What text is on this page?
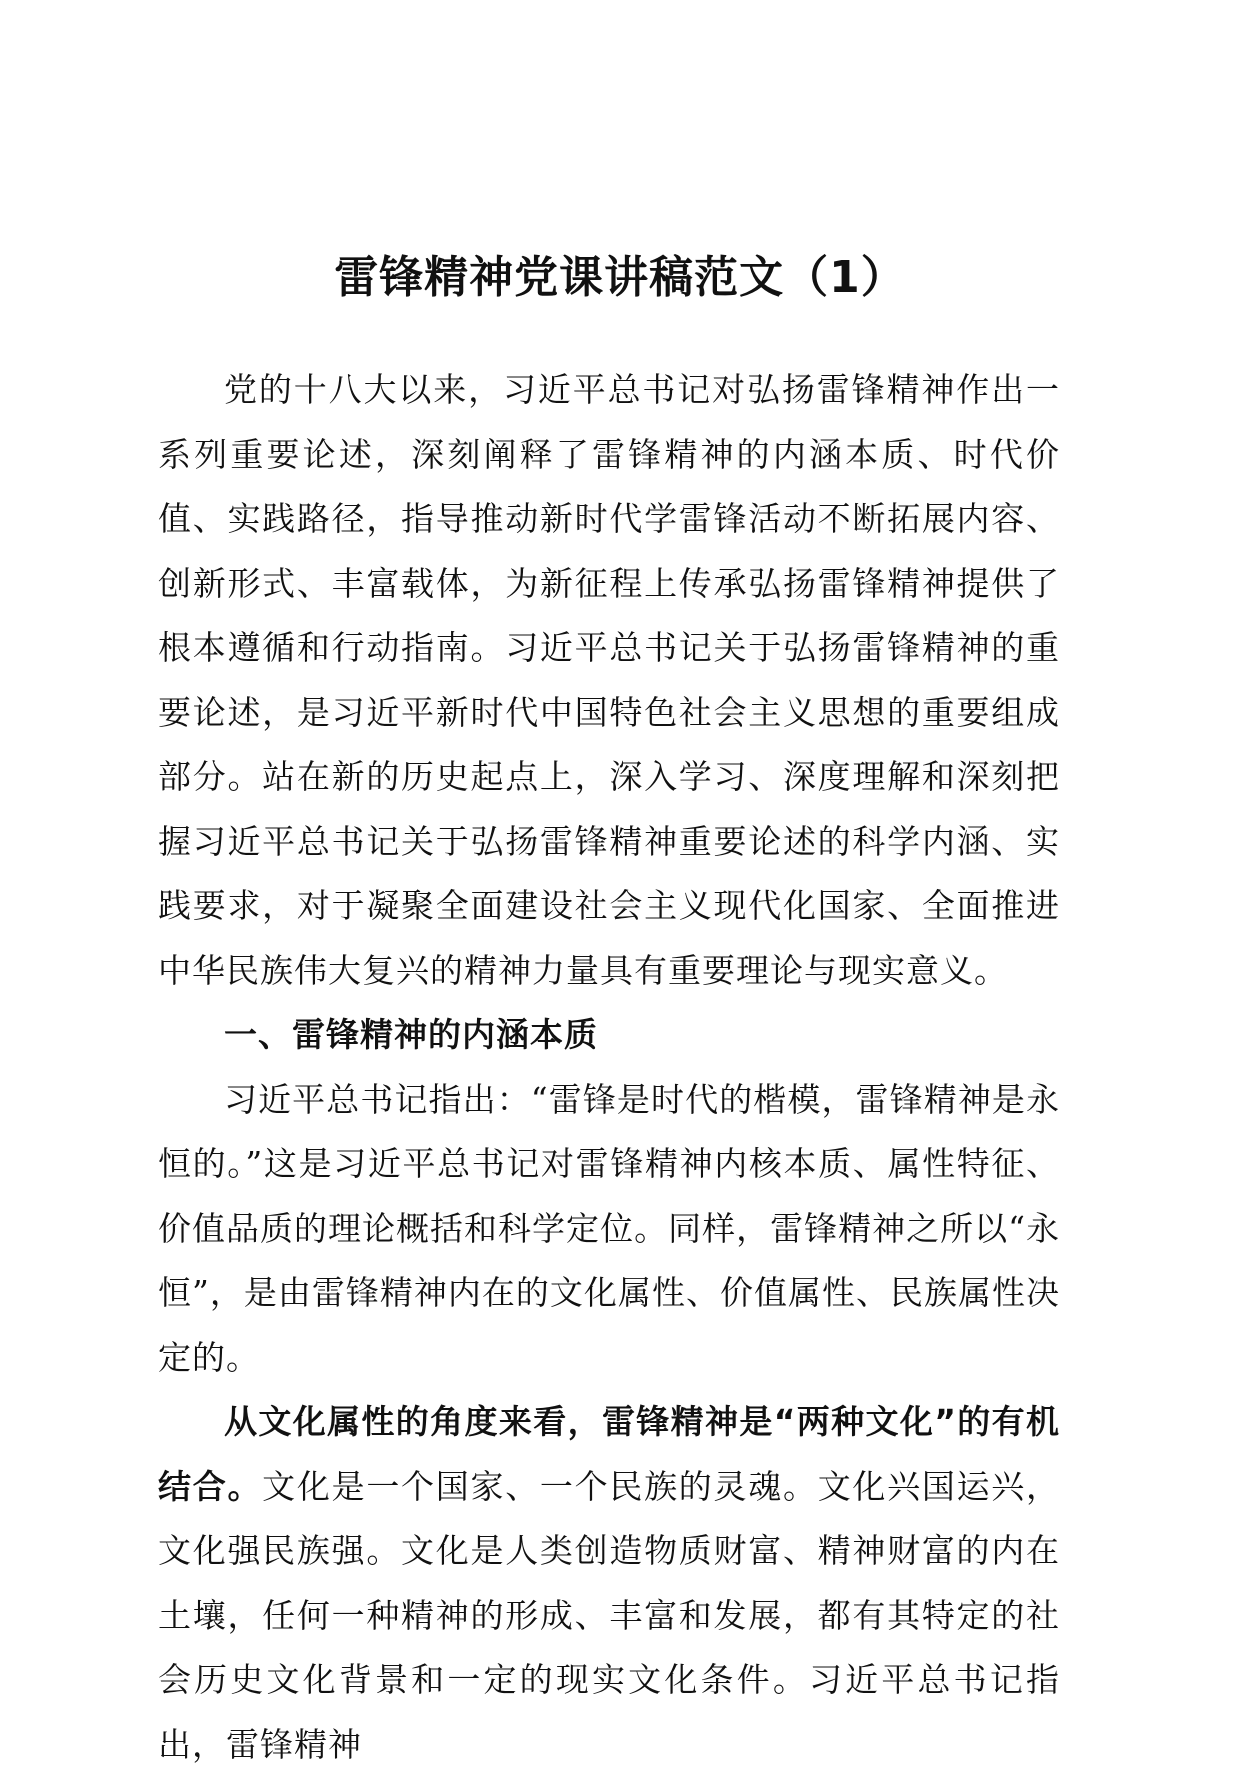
雷锋精神党课讲稿范文（1）

党的十八大以来，习近平总书记对弘扬雷锋精神作出一系列重要论述，深刻阐释了雷锋精神的内涵本质、时代价值、实践路径，指导推动新时代学雷锋活动不断拓展内容、创新形式、丰富载体，为新征程上传承弘扬雷锋精神提供了根本遵循和行动指南。习近平总书记关于弘扬雷锋精神的重要论述，是习近平新时代中国特色社会主义思想的重要组成部分。站在新的历史起点上，深入学习、深度理解和深刻把握习近平总书记关于弘扬雷锋精神重要论述的科学内涵、实践要求，对于凝聚全面建设社会主义现代化国家、全面推进中华民族伟大复兴的精神力量具有重要理论与现实意义。

一、雷锋精神的内涵本质

习近平总书记指出：“雷锋是时代的楷模，雷锋精神是永恒的。”这是习近平总书记对雷锋精神内核本质、属性特征、价值品质的理论概括和科学定位。同样，雷锋精神之所以“永恒”，是由雷锋精神内在的文化属性、价值属性、民族属性决定的。

从文化属性的角度来看，雷锋精神是“两种文化”的有机结合。文化是一个国家、一个民族的灵魂。文化兴国运兴，文化强民族强。文化是人类创造物质财富、精神财富的内在土壤，任何一种精神的形成、丰富和发展，都有其特定的社会历史文化背景和一定的现实文化条件。习近平总书记指出，雷锋精神
